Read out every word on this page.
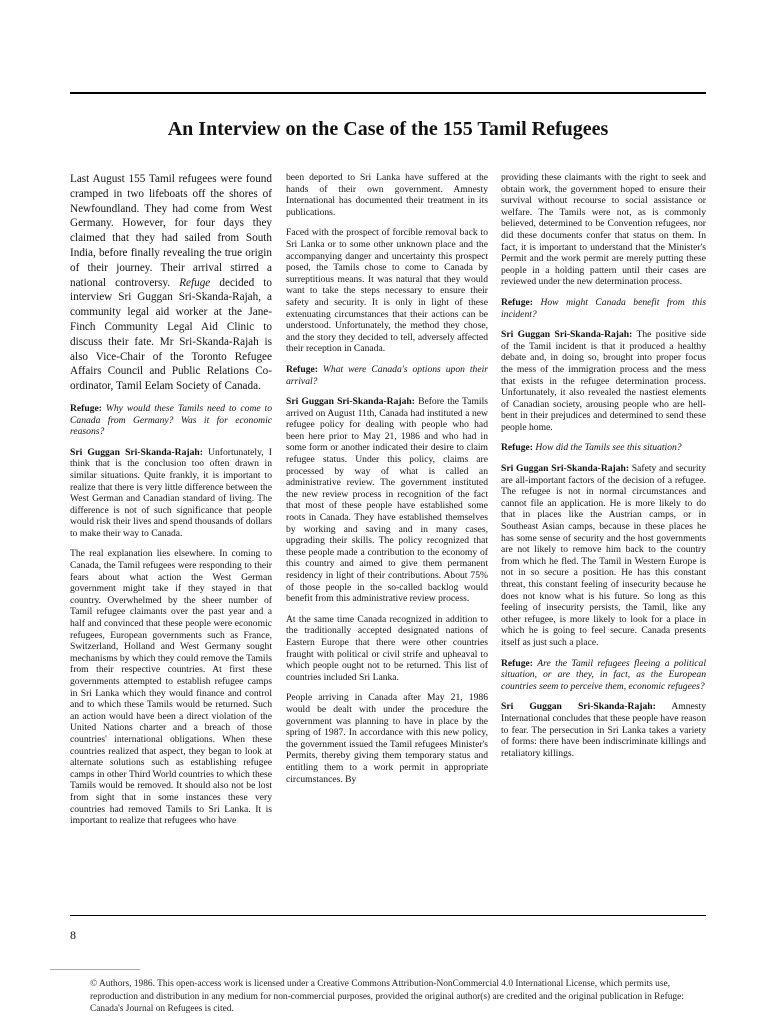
An Interview on the Case of the 155 Tamil Refugees

Last August 155 Tamil refugees were found cramped in two lifeboats off the shores of Newfoundland. They had come from West Germany. However, for four days they claimed that they had sailed from South India, before finally revealing the true origin of their journey. Their arrival stirred a national controversy. Refuge decided to interview Sri Guggan Sri-Skanda-Rajah, a community legal aid worker at the Jane-Finch Community Legal Aid Clinic to discuss their fate. Mr Sri-Skanda-Rajah is also Vice-Chair of the Toronto Refugee Affairs Council and Public Relations Co-ordinator, Tamil Eelam Society of Canada.

Refuge: Why would these Tamils need to come to Canada from Germany? Was it for economic reasons?

Sri Guggan Sri-Skanda-Rajah: Unfortunately, I think that is the conclusion too often drawn in similar situations. Quite frankly, it is important to realize that there is very little difference between the West German and Canadian standard of living. The difference is not of such significance that people would risk their lives and spend thousands of dollars to make their way to Canada.

The real explanation lies elsewhere. In coming to Canada, the Tamil refugees were responding to their fears about what action the West German government might take if they stayed in that country. Overwhelmed by the sheer number of Tamil refugee claimants over the past year and a half and convinced that these people were economic refugees, European governments such as France, Switzerland, Holland and West Germany sought mechanisms by which they could remove the Tamils from their respective countries. At first these governments attempted to establish refugee camps in Sri Lanka which they would finance and control and to which these Tamils would be returned. Such an action would have been a direct violation of the United Nations charter and a breach of those countries' international obligations. When these countries realized that aspect, they began to look at alternate solutions such as establishing refugee camps in other Third World countries to which these Tamils would be removed. It should also not be lost from sight that in some instances these very countries had removed Tamils to Sri Lanka. It is important to realize that refugees who have

been deported to Sri Lanka have suffered at the hands of their own government. Amnesty International has documented their treatment in its publications.

Faced with the prospect of forcible removal back to Sri Lanka or to some other unknown place and the accompanying danger and uncertainty this prospect posed, the Tamils chose to come to Canada by surreptitious means. It was natural that they would want to take the steps necessary to ensure their safety and security. It is only in light of these extenuating circumstances that their actions can be understood. Unfortunately, the method they chose, and the story they decided to tell, adversely affected their reception in Canada.

Refuge: What were Canada's options upon their arrival?

Sri Guggan Sri-Skanda-Rajah: Before the Tamils arrived on August 11th, Canada had instituted a new refugee policy for dealing with people who had been here prior to May 21, 1986 and who had in some form or another indicated their desire to claim refugee status. Under this policy, claims are processed by way of what is called an administrative review. The government instituted the new review process in recognition of the fact that most of these people have established some roots in Canada. They have established themselves by working and saving and in many cases, upgrading their skills. The policy recognized that these people made a contribution to the economy of this country and aimed to give them permanent residency in light of their contributions. About 75% of those people in the so-called backlog would benefit from this administrative review process.

At the same time Canada recognized in addition to the traditionally accepted designated nations of Eastern Europe that there were other countries fraught with political or civil strife and upheaval to which people ought not to be returned. This list of countries included Sri Lanka.

People arriving in Canada after May 21, 1986 would be dealt with under the procedure the government was planning to have in place by the spring of 1987. In accordance with this new policy, the government issued the Tamil refugees Minister's Permits, thereby giving them temporary status and entitling them to a work permit in appropriate circumstances. By

providing these claimants with the right to seek and obtain work, the government hoped to ensure their survival without recourse to social assistance or welfare. The Tamils were not, as is commonly believed, determined to be Convention refugees, nor did these documents confer that status on them. In fact, it is important to understand that the Minister's Permit and the work permit are merely putting these people in a holding pattern until their cases are reviewed under the new determination process.

Refuge: How might Canada benefit from this incident?

Sri Guggan Sri-Skanda-Rajah: The positive side of the Tamil incident is that it produced a healthy debate and, in doing so, brought into proper focus the mess of the immigration process and the mess that exists in the refugee determination process. Unfortunately, it also revealed the nastiest elements of Canadian society, arousing people who are hell-bent in their prejudices and determined to send these people home.

Refuge: How did the Tamils see this situation?

Sri Guggan Sri-Skanda-Rajah: Safety and security are all-important factors of the decision of a refugee. The refugee is not in normal circumstances and cannot file an application. He is more likely to do that in places like the Austrian camps, or in Southeast Asian camps, because in these places he has some sense of security and the host governments are not likely to remove him back to the country from which he fled. The Tamil in Western Europe is not in so secure a position. He has this constant threat, this constant feeling of insecurity because he does not know what is his future. So long as this feeling of insecurity persists, the Tamil, like any other refugee, is more likely to look for a place in which he is going to feel secure. Canada presents itself as just such a place.

Refuge: Are the Tamil refugees fleeing a political situation, or are they, in fact, as the European countries seem to perceive them, economic refugees?

Sri Guggan Sri-Skanda-Rajah: Amnesty International concludes that these people have reason to fear. The persecution in Sri Lanka takes a variety of forms: there have been indiscriminate killings and retaliatory killings.

8

© Authors, 1986. This open-access work is licensed under a Creative Commons Attribution-NonCommercial 4.0 International License, which permits use, reproduction and distribution in any medium for non-commercial purposes, provided the original author(s) are credited and the original publication in Refuge: Canada's Journal on Refugees is cited.
